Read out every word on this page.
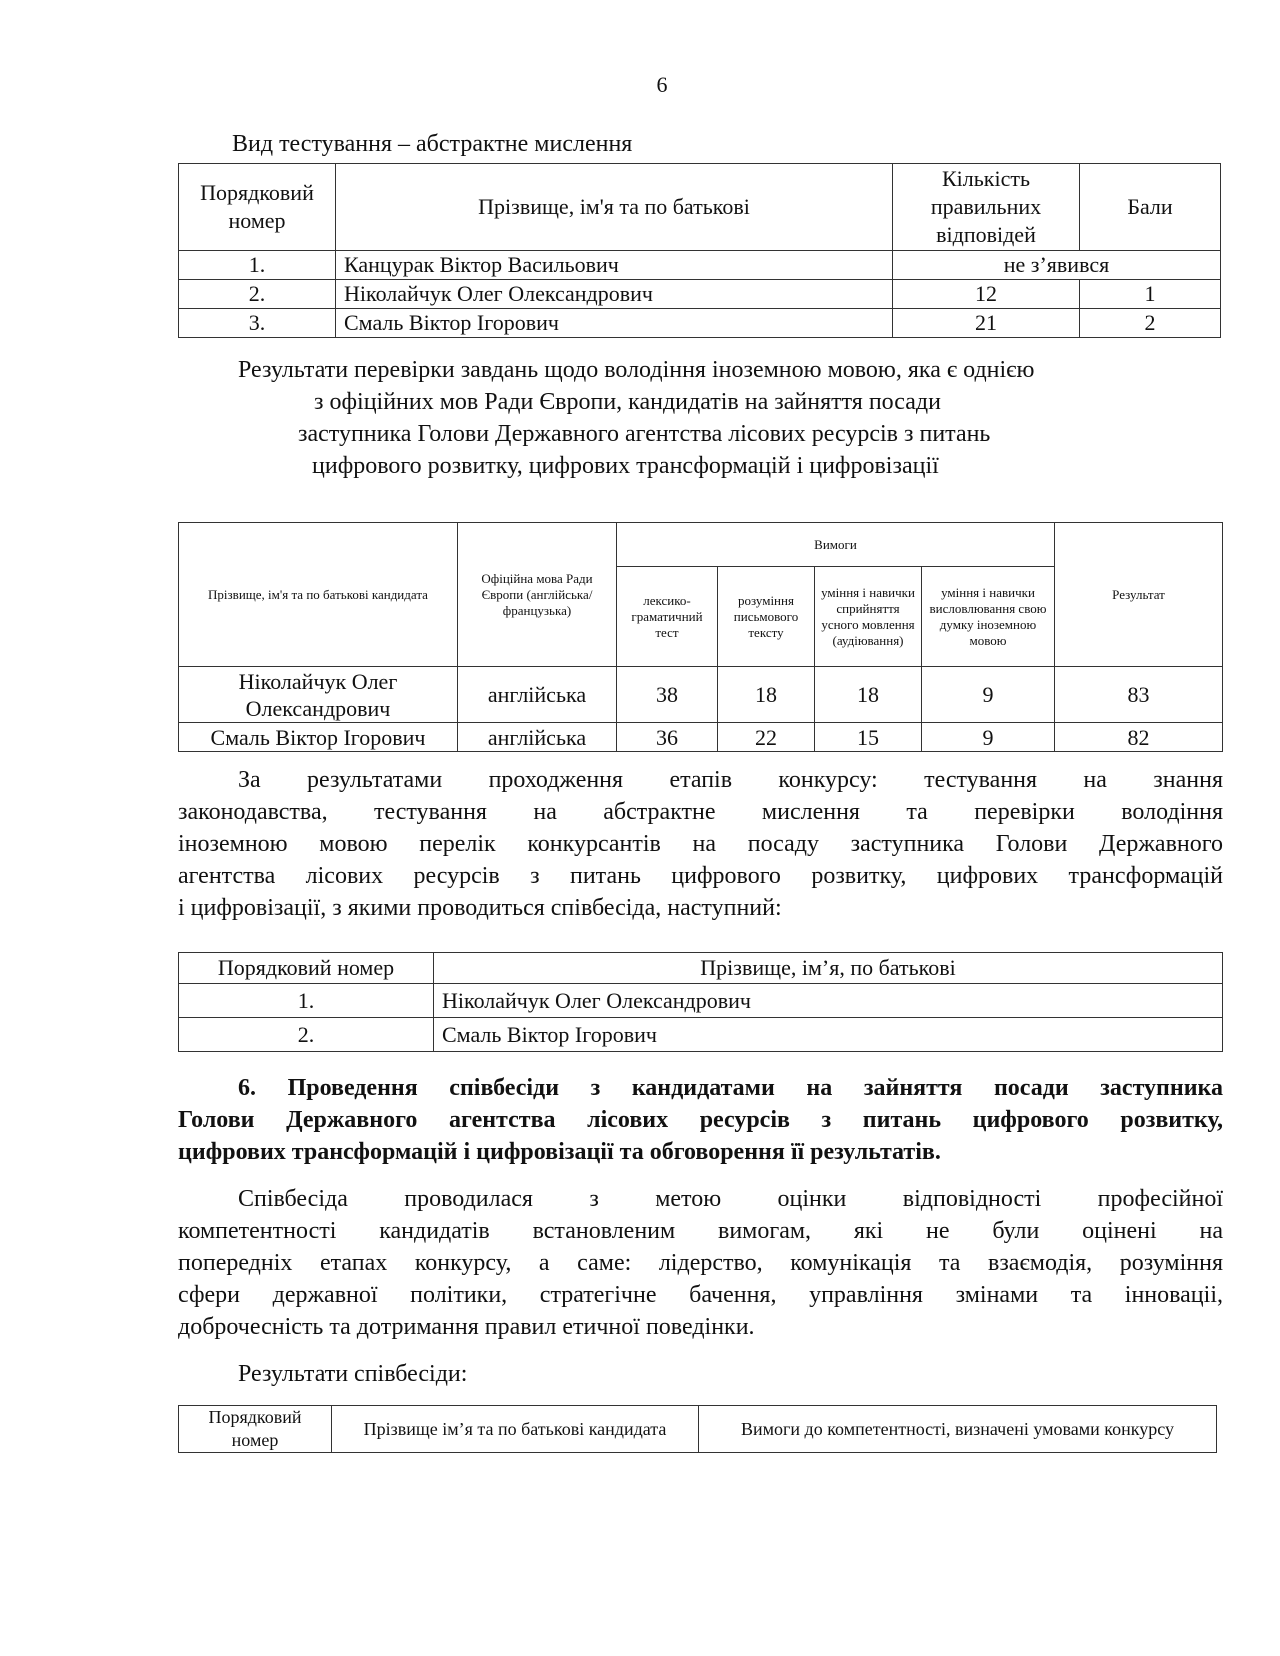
6
Вид тестування – абстрактне мислення
Порядковий номер	Прізвище, ім'я та по батькові	Кількість правильних відповідей	Бали
1.	Канцурак Віктор Васильович	не з’явився	
2.	Ніколайчук Олег Олександрович	12	1
3.	Смаль Віктор Ігорович	21	2
Результати перевірки завдань щодо володіння іноземною мовою, яка є однією
з офіційних мов Ради Європи, кандидатів на зайняття посади
заступника Голови Державного агентства лісових ресурсів з питань
цифрового розвитку, цифрових трансформацій і цифровізації
Прізвище, ім'я та по батькові кандидата	Офіційна мова Ради Європи (англійська/ французька)	Вимоги				Результат
		лексико-граматичний тест	розуміння письмового тексту	уміння і навички сприйняття усного мовлення (аудіювання)	уміння і навички висловлювання свою думку іноземною мовою	
Ніколайчук Олег Олександрович	англійська	38	18	18	9	83
Смаль Віктор Ігорович	англійська	36	22	15	9	82
За результатами проходження етапів конкурсу: тестування на знання
законодавства, тестування на абстрактне мислення та перевірки володіння
іноземною мовою перелік конкурсантів на посаду заступника Голови Державного
агентства лісових ресурсів з питань цифрового розвитку, цифрових трансформацій
і цифровізації, з якими проводиться співбесіда, наступний:
Порядковий номер	Прізвище, ім’я, по батькові
1.	Ніколайчук Олег Олександрович
2.	Смаль Віктор Ігорович
6. Проведення співбесіди з кандидатами на зайняття посади заступника
Голови Державного агентства лісових ресурсів з питань цифрового розвитку,
цифрових трансформацій і цифровізації та обговорення її результатів.
Співбесіда проводилася з метою оцінки відповідності професійної
компетентності кандидатів встановленим вимогам, які не були оцінені на
попередніх етапах конкурсу, а саме: лідерство, комунікація та взаємодія, розуміння
сфери державної політики, стратегічне бачення, управління змінами та інноваціі,
доброчесність та дотримання правил етичної поведінки.
Результати співбесіди:
Порядковий номер	Прізвище ім’я та по батькові кандидата	Вимоги до компетентності, визначені умовами конкурсу
